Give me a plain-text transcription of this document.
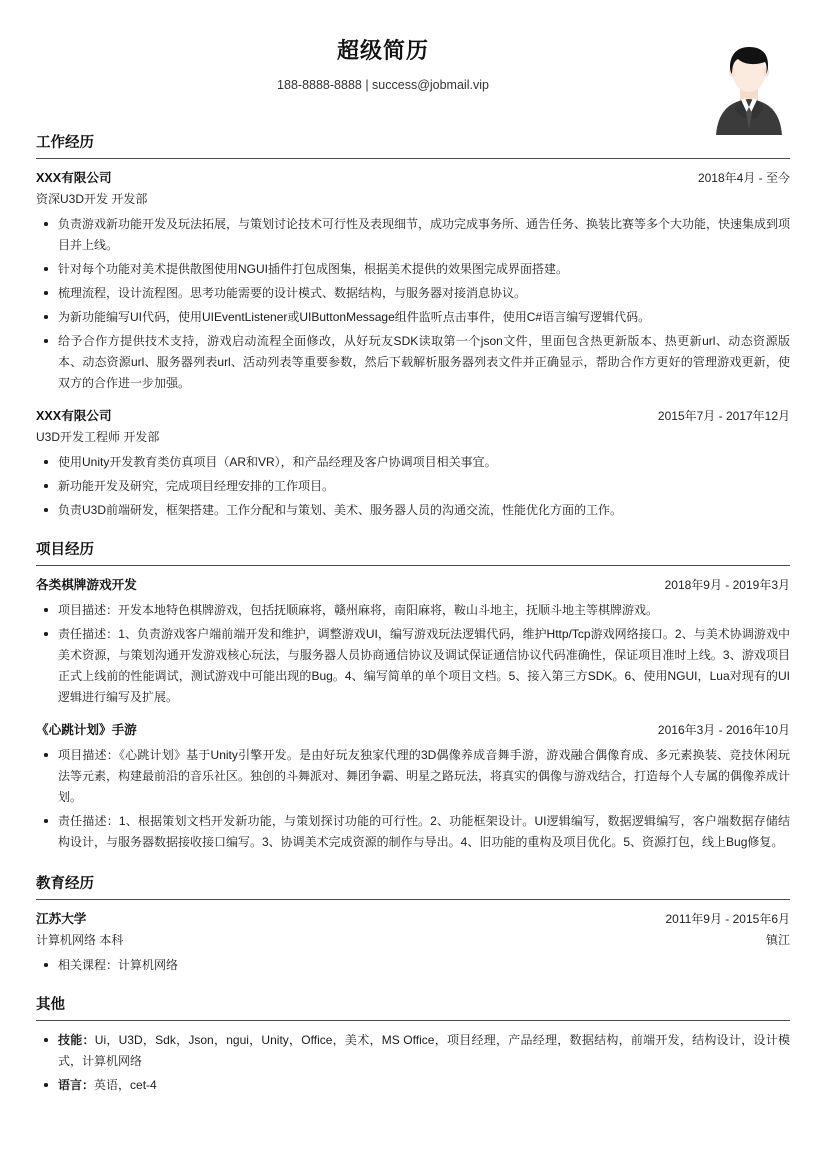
超级简历
188-8888-8888 | success@jobmail.vip
工作经历
XXX有限公司	2018年4月 - 至今
资深U3D开发 开发部
负责游戏新功能开发及玩法拓展，与策划讨论技术可行性及表现细节，成功完成事务所、通告任务、换装比赛等多个大功能，快速集成到项目并上线。
针对每个功能对美术提供散图使用NGUI插件打包成图集，根据美术提供的效果图完成界面搭建。
梳理流程，设计流程图。思考功能需要的设计模式、数据结构，与服务器对接消息协议。
为新功能编写UI代码，使用UIEventListener或UIButtonMessage组件监听点击事件，使用C#语言编写逻辑代码。
给予合作方提供技术支持，游戏启动流程全面修改，从好玩友SDK读取第一个json文件，里面包含热更新版本、热更新url、动态资源版本、动态资源url、服务器列表url、活动列表等重要参数，然后下载解析服务器列表文件并正确显示，帮助合作方更好的管理游戏更新，使双方的合作进一步加强。
XXX有限公司	2015年7月 - 2017年12月
U3D开发工程师 开发部
使用Unity开发教育类仿真项目（AR和VR），和产品经理及客户协调项目相关事宜。
新功能开发及研究，完成项目经理安排的工作项目。
负责U3D前端研发，框架搭建。工作分配和与策划、美术、服务器人员的沟通交流，性能优化方面的工作。
项目经历
各类棋牌游戏开发	2018年9月 - 2019年3月
项目描述：开发本地特色棋牌游戏，包括抚顺麻将，赣州麻将，南阳麻将，鞍山斗地主，抚顺斗地主等棋牌游戏。
责任描述：1、负责游戏客户端前端开发和维护，调整游戏UI，编写游戏玩法逻辑代码，维护Http/Tcp游戏网络接口。2、与美术协调游戏中美术资源，与策划沟通开发游戏核心玩法，与服务器人员协商通信协议及调试保证通信协议代码准确性，保证项目准时上线。3、游戏项目正式上线前的性能调试，测试游戏中可能出现的Bug。4、编写简单的单个项目文档。5、接入第三方SDK。6、使用NGUI，Lua对现有的UI逻辑进行编写及扩展。
《心跳计划》手游	2016年3月 - 2016年10月
项目描述：《心跳计划》基于Unity引擎开发。是由好玩友独家代理的3D偶像养成音舞手游，游戏融合偶像育成、多元素换装、竞技休闲玩法等元素，构建最前沿的音乐社区。独创的斗舞派对、舞团争霸、明星之路玩法，将真实的偶像与游戏结合，打造每个人专属的偶像养成计划。
责任描述：1、根据策划文档开发新功能，与策划探讨功能的可行性。2、功能框架设计。UI逻辑编写，数据逻辑编写，客户端数据存储结构设计，与服务器数据接收接口编写。3、协调美术完成资源的制作与导出。4、旧功能的重构及项目优化。5、资源打包，线上Bug修复。
教育经历
江苏大学	2011年9月 - 2015年6月
计算机网络 本科	镇江
相关课程：计算机网络
其他
技能：Ui，U3D，Sdk，Json，ngui，Unity，Office，美术，MS Office，项目经理，产品经理，数据结构，前端开发，结构设计，设计模式，计算机网络
语言：英语，cet-4
